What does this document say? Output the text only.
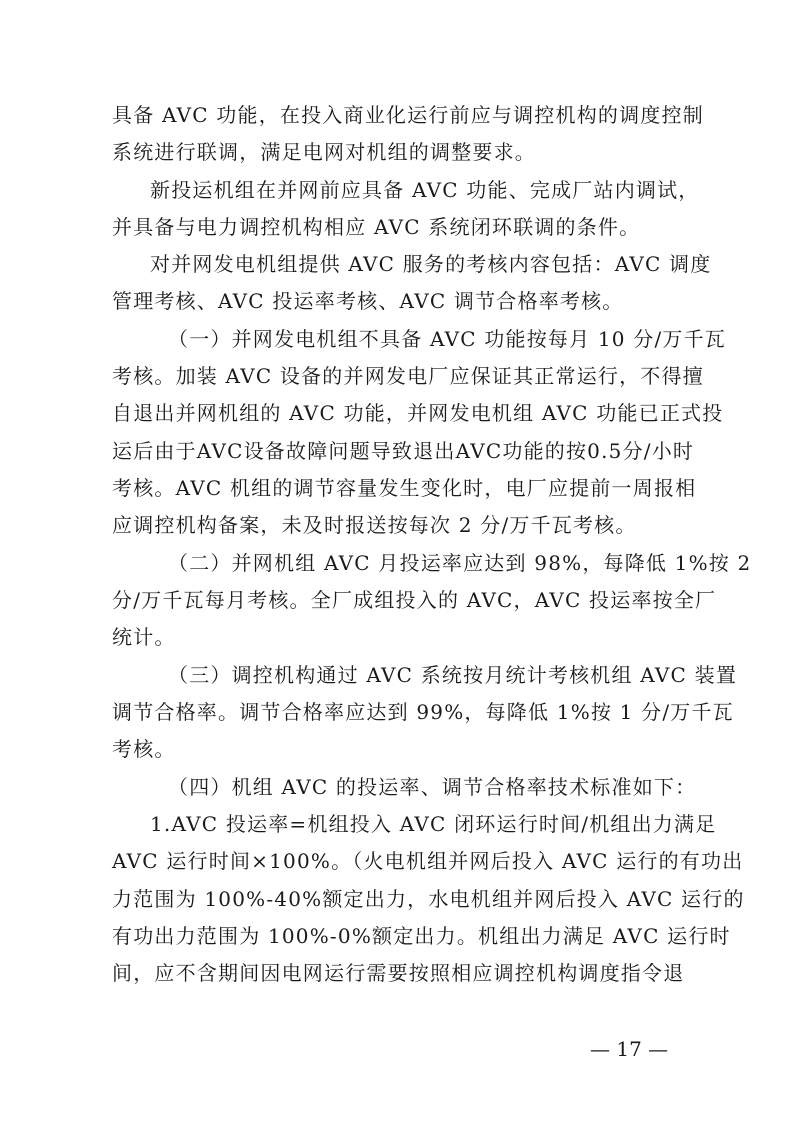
具备 AVC 功能，在投入商业化运行前应与调控机构的调度控制
系统进行联调，满足电网对机组的调整要求。
新投运机组在并网前应具备 AVC 功能、完成厂站内调试，
并具备与电力调控机构相应 AVC 系统闭环联调的条件。
对并网发电机组提供 AVC 服务的考核内容包括：AVC 调度
管理考核、AVC 投运率考核、AVC 调节合格率考核。
（一）并网发电机组不具备 AVC 功能按每月 10 分/万千瓦
考核。加装 AVC 设备的并网发电厂应保证其正常运行，不得擅
自退出并网机组的 AVC 功能，并网发电机组 AVC 功能已正式投
运后由于AVC设备故障问题导致退出AVC功能的按0.5分/小时
考核。AVC 机组的调节容量发生变化时，电厂应提前一周报相
应调控机构备案，未及时报送按每次 2 分/万千瓦考核。
（二）并网机组 AVC 月投运率应达到 98%，每降低 1%按 2
分/万千瓦每月考核。全厂成组投入的 AVC，AVC 投运率按全厂
统计。
（三）调控机构通过 AVC 系统按月统计考核机组 AVC 装置
调节合格率。调节合格率应达到 99%，每降低 1%按 1 分/万千瓦
考核。
（四）机组 AVC 的投运率、调节合格率技术标准如下：
1.AVC 投运率=机组投入 AVC 闭环运行时间/机组出力满足
AVC 运行时间×100%。（火电机组并网后投入 AVC 运行的有功出
力范围为 100%-40%额定出力，水电机组并网后投入 AVC 运行的
有功出力范围为 100%-0%额定出力。机组出力满足 AVC 运行时
间，应不含期间因电网运行需要按照相应调控机构调度指令退
— 17 —
